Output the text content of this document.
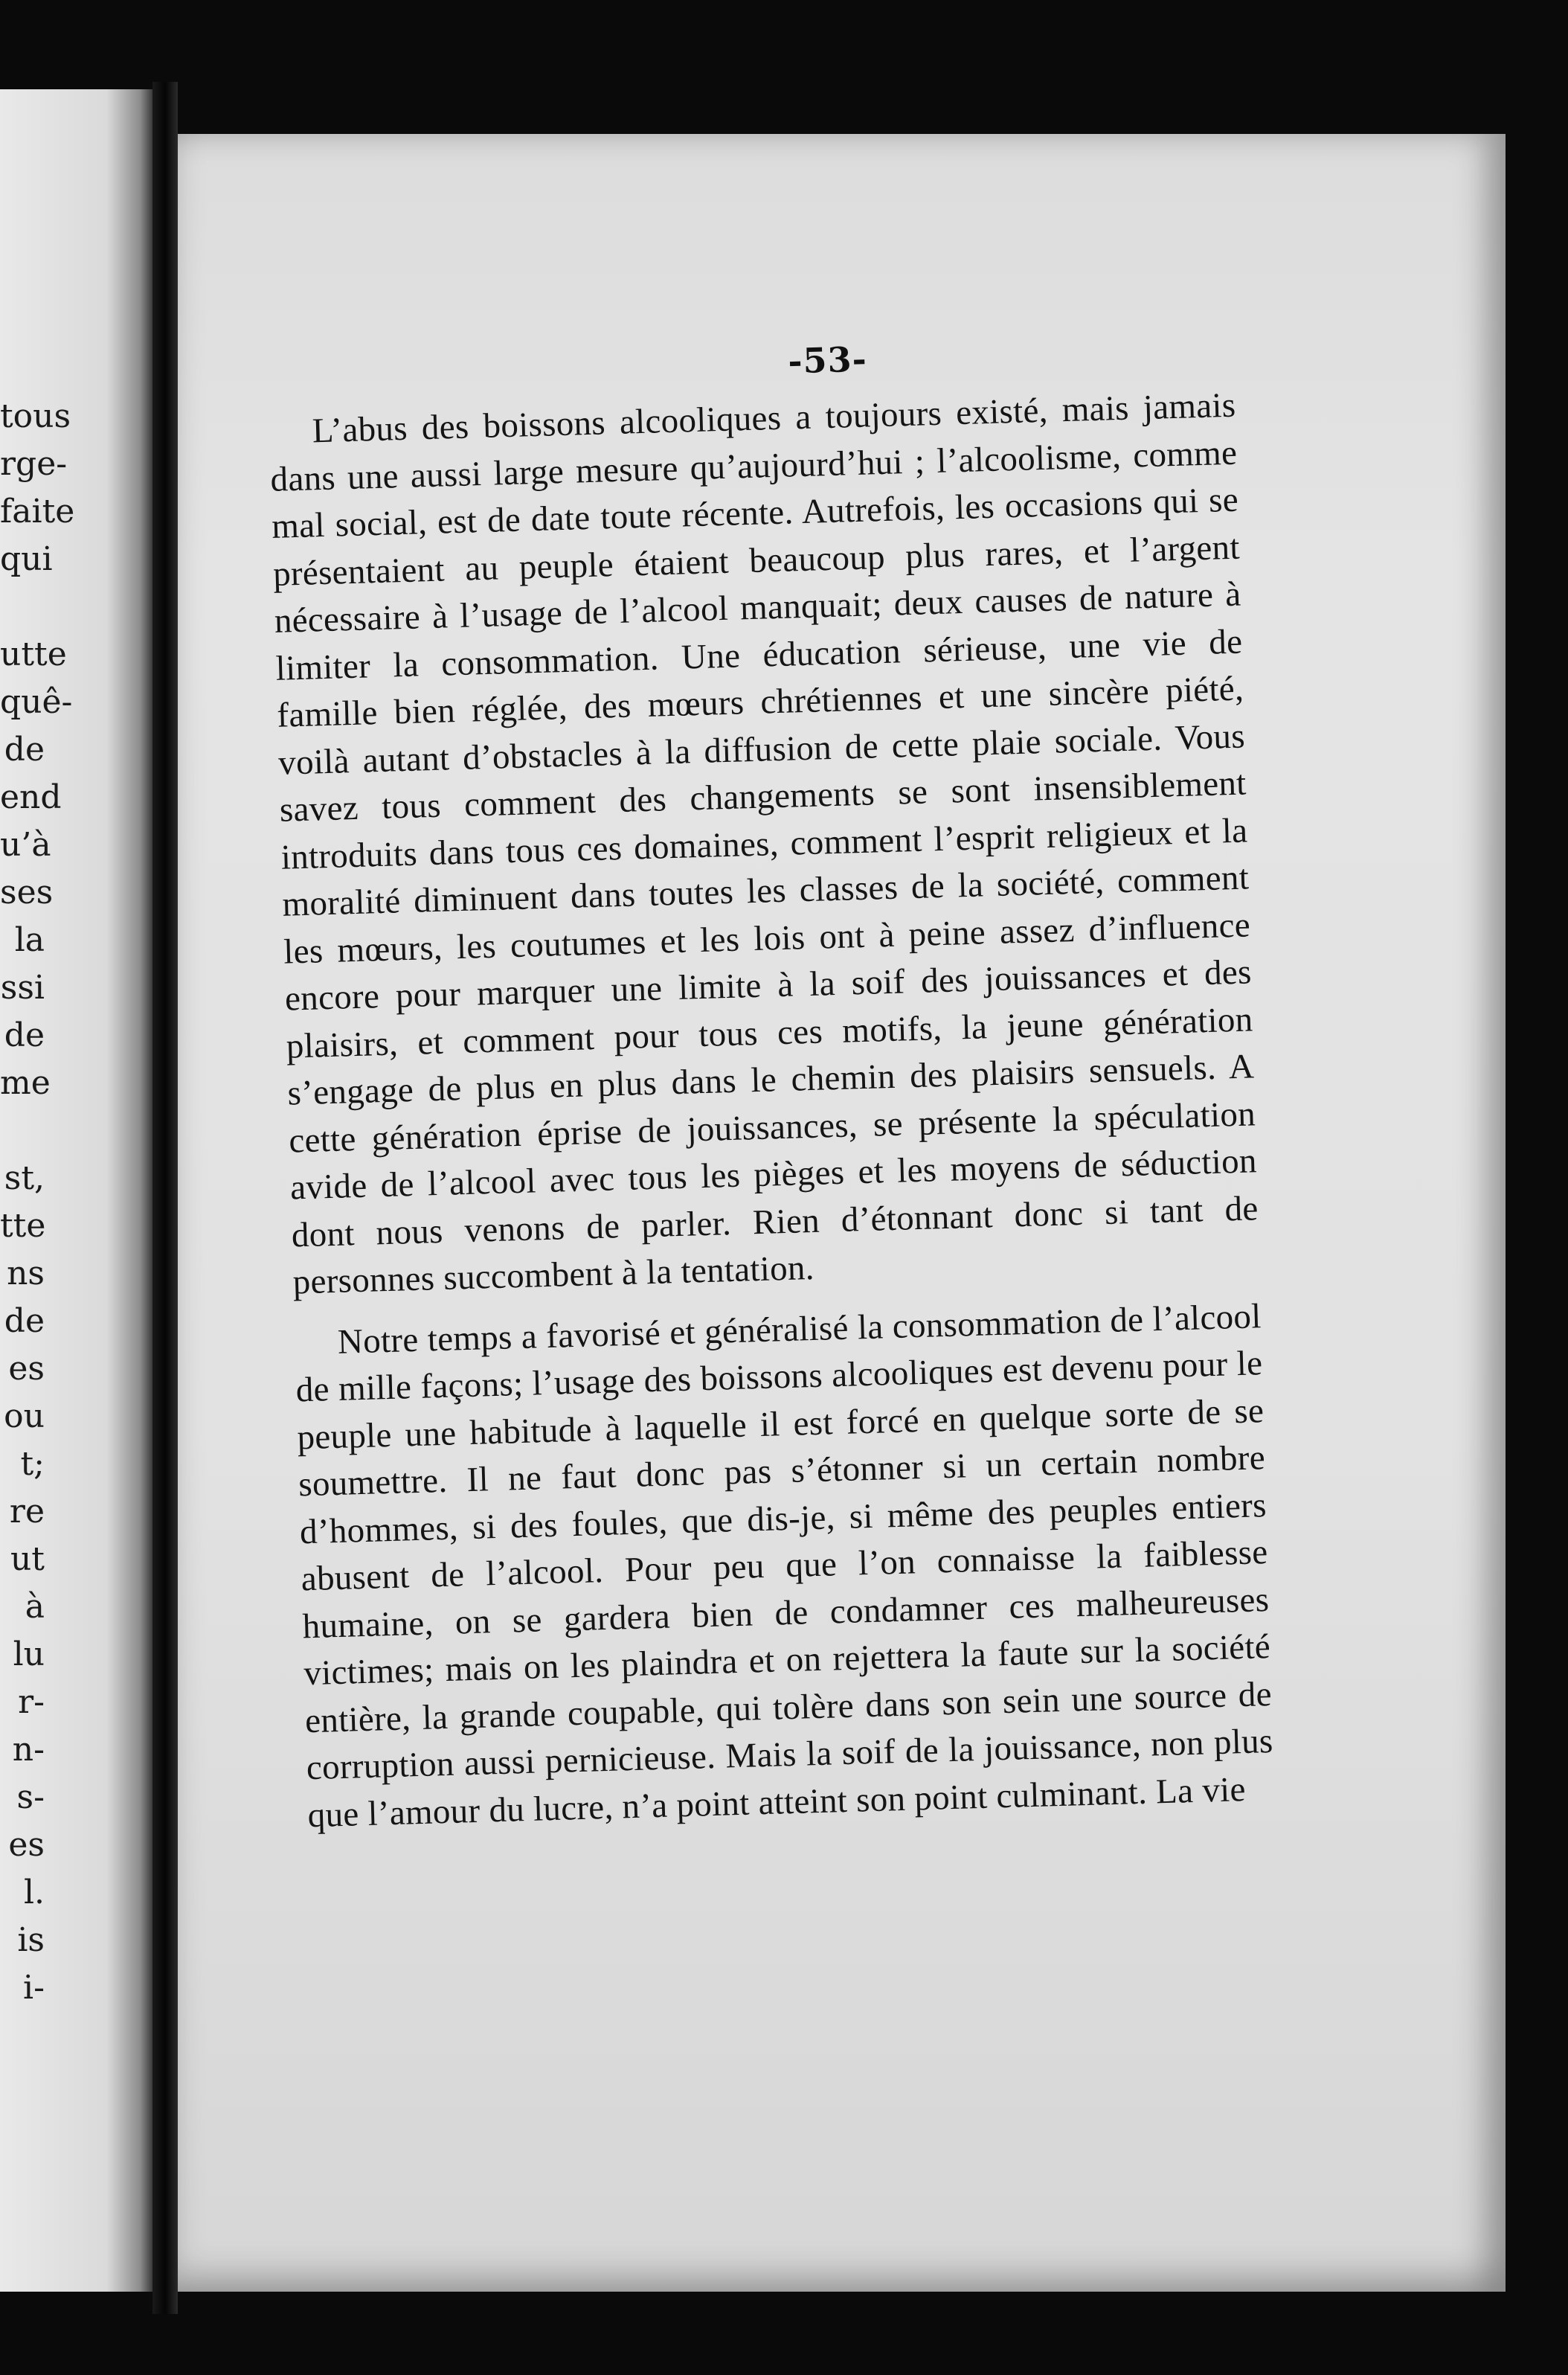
tous
rge-
faite
qui
utte
quê-
de
end
u’à
ses
la
ssi
de
me
st,
tte
ns
de
es
ou
t;
re
ut
à
lu
r-
n-
s-
es
l.
is
i-
-53-

L’abus des boissons alcooliques a toujours existé, mais jamais dans une aussi large mesure qu’aujourd’hui ; l’alcoolisme, comme mal social, est de date toute récente. Autrefois, les occasions qui se présentaient au peuple étaient beaucoup plus rares, et l’argent nécessaire à l’usage de l’alcool manquait; deux causes de nature à limiter la consommation. Une éducation sérieuse, une vie de famille bien réglée, des mœurs chrétiennes et une sincère piété, voilà autant d’obstacles à la diffusion de cette plaie sociale. Vous savez tous comment des changements se sont insensiblement introduits dans tous ces domaines, comment l’esprit religieux et la moralité diminuent dans toutes les classes de la société, comment les mœurs, les coutumes et les lois ont à peine assez d’influence encore pour marquer une limite à la soif des jouissances et des plaisirs, et comment pour tous ces motifs, la jeune génération s’engage de plus en plus dans le chemin des plaisirs sensuels. A cette génération éprise de jouissances, se présente la spéculation avide de l’alcool avec tous les pièges et les moyens de séduction dont nous venons de parler. Rien d’étonnant donc si tant de personnes succombent à la tentation.

Notre temps a favorisé et généralisé la consommation de l’alcool de mille façons; l’usage des boissons alcooliques est devenu pour le peuple une habitude à laquelle il est forcé en quelque sorte de se soumettre. Il ne faut donc pas s’étonner si un certain nombre d’hommes, si des foules, que dis-je, si même des peuples entiers abusent de l’alcool. Pour peu que l’on connaisse la faiblesse humaine, on se gardera bien de condamner ces malheureuses victimes; mais on les plaindra et on rejettera la faute sur la société entière, la grande coupable, qui tolère dans son sein une source de corruption aussi pernicieuse. Mais la soif de la jouissance, non plus que l’amour du lucre, n’a point atteint son point culminant. La vie
